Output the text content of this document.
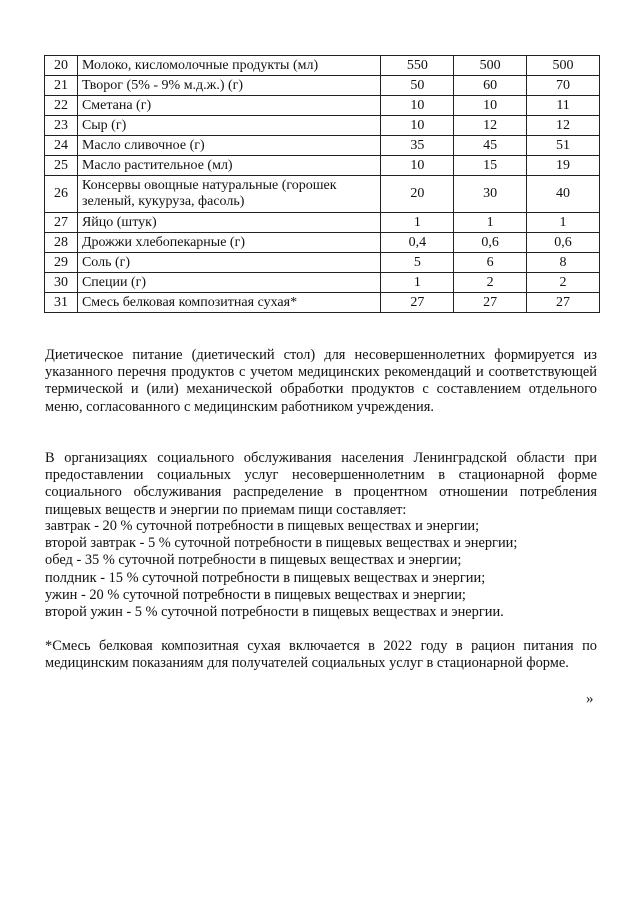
20	Молоко, кисломолочные продукты (мл)	550	500	500
21	Творог (5% - 9% м.д.ж.) (г)	50	60	70
22	Сметана (г)	10	10	11
23	Сыр (г)	10	12	12
24	Масло сливочное (г)	35	45	51
25	Масло растительное (мл)	10	15	19
26	Консервы овощные натуральные (горошек зеленый, кукуруза, фасоль)	20	30	40
27	Яйцо (штук)	1	1	1
28	Дрожжи хлебопекарные (г)	0,4	0,6	0,6
29	Соль (г)	5	6	8
30	Специи (г)	1	2	2
31	Смесь белковая композитная сухая*	27	27	27

Диетическое питание (диетический стол) для несовершеннолетних формируется из указанного перечня продуктов с учетом медицинских рекомендаций и соответствующей термической и (или) механической обработки продуктов с составлением отдельного меню, согласованного с медицинским работником учреждения.

В организациях социального обслуживания населения Ленинградской области при предоставлении социальных услуг несовершеннолетним в стационарной форме социального обслуживания распределение в процентном отношении потребления пищевых веществ и энергии по приемам пищи составляет:

завтрак - 20 % суточной потребности в пищевых веществах и энергии;
второй завтрак - 5 % суточной потребности в пищевых веществах и энергии;
обед - 35 % суточной потребности в пищевых веществах и энергии;
полдник - 15 % суточной потребности в пищевых веществах и энергии;
ужин - 20 % суточной потребности в пищевых веществах и энергии;
второй ужин - 5 % суточной потребности в пищевых веществах и энергии.

*Смесь белковая композитная сухая включается в 2022 году в рацион питания по медицинским показаниям для получателей социальных услуг в стационарной форме.

»
